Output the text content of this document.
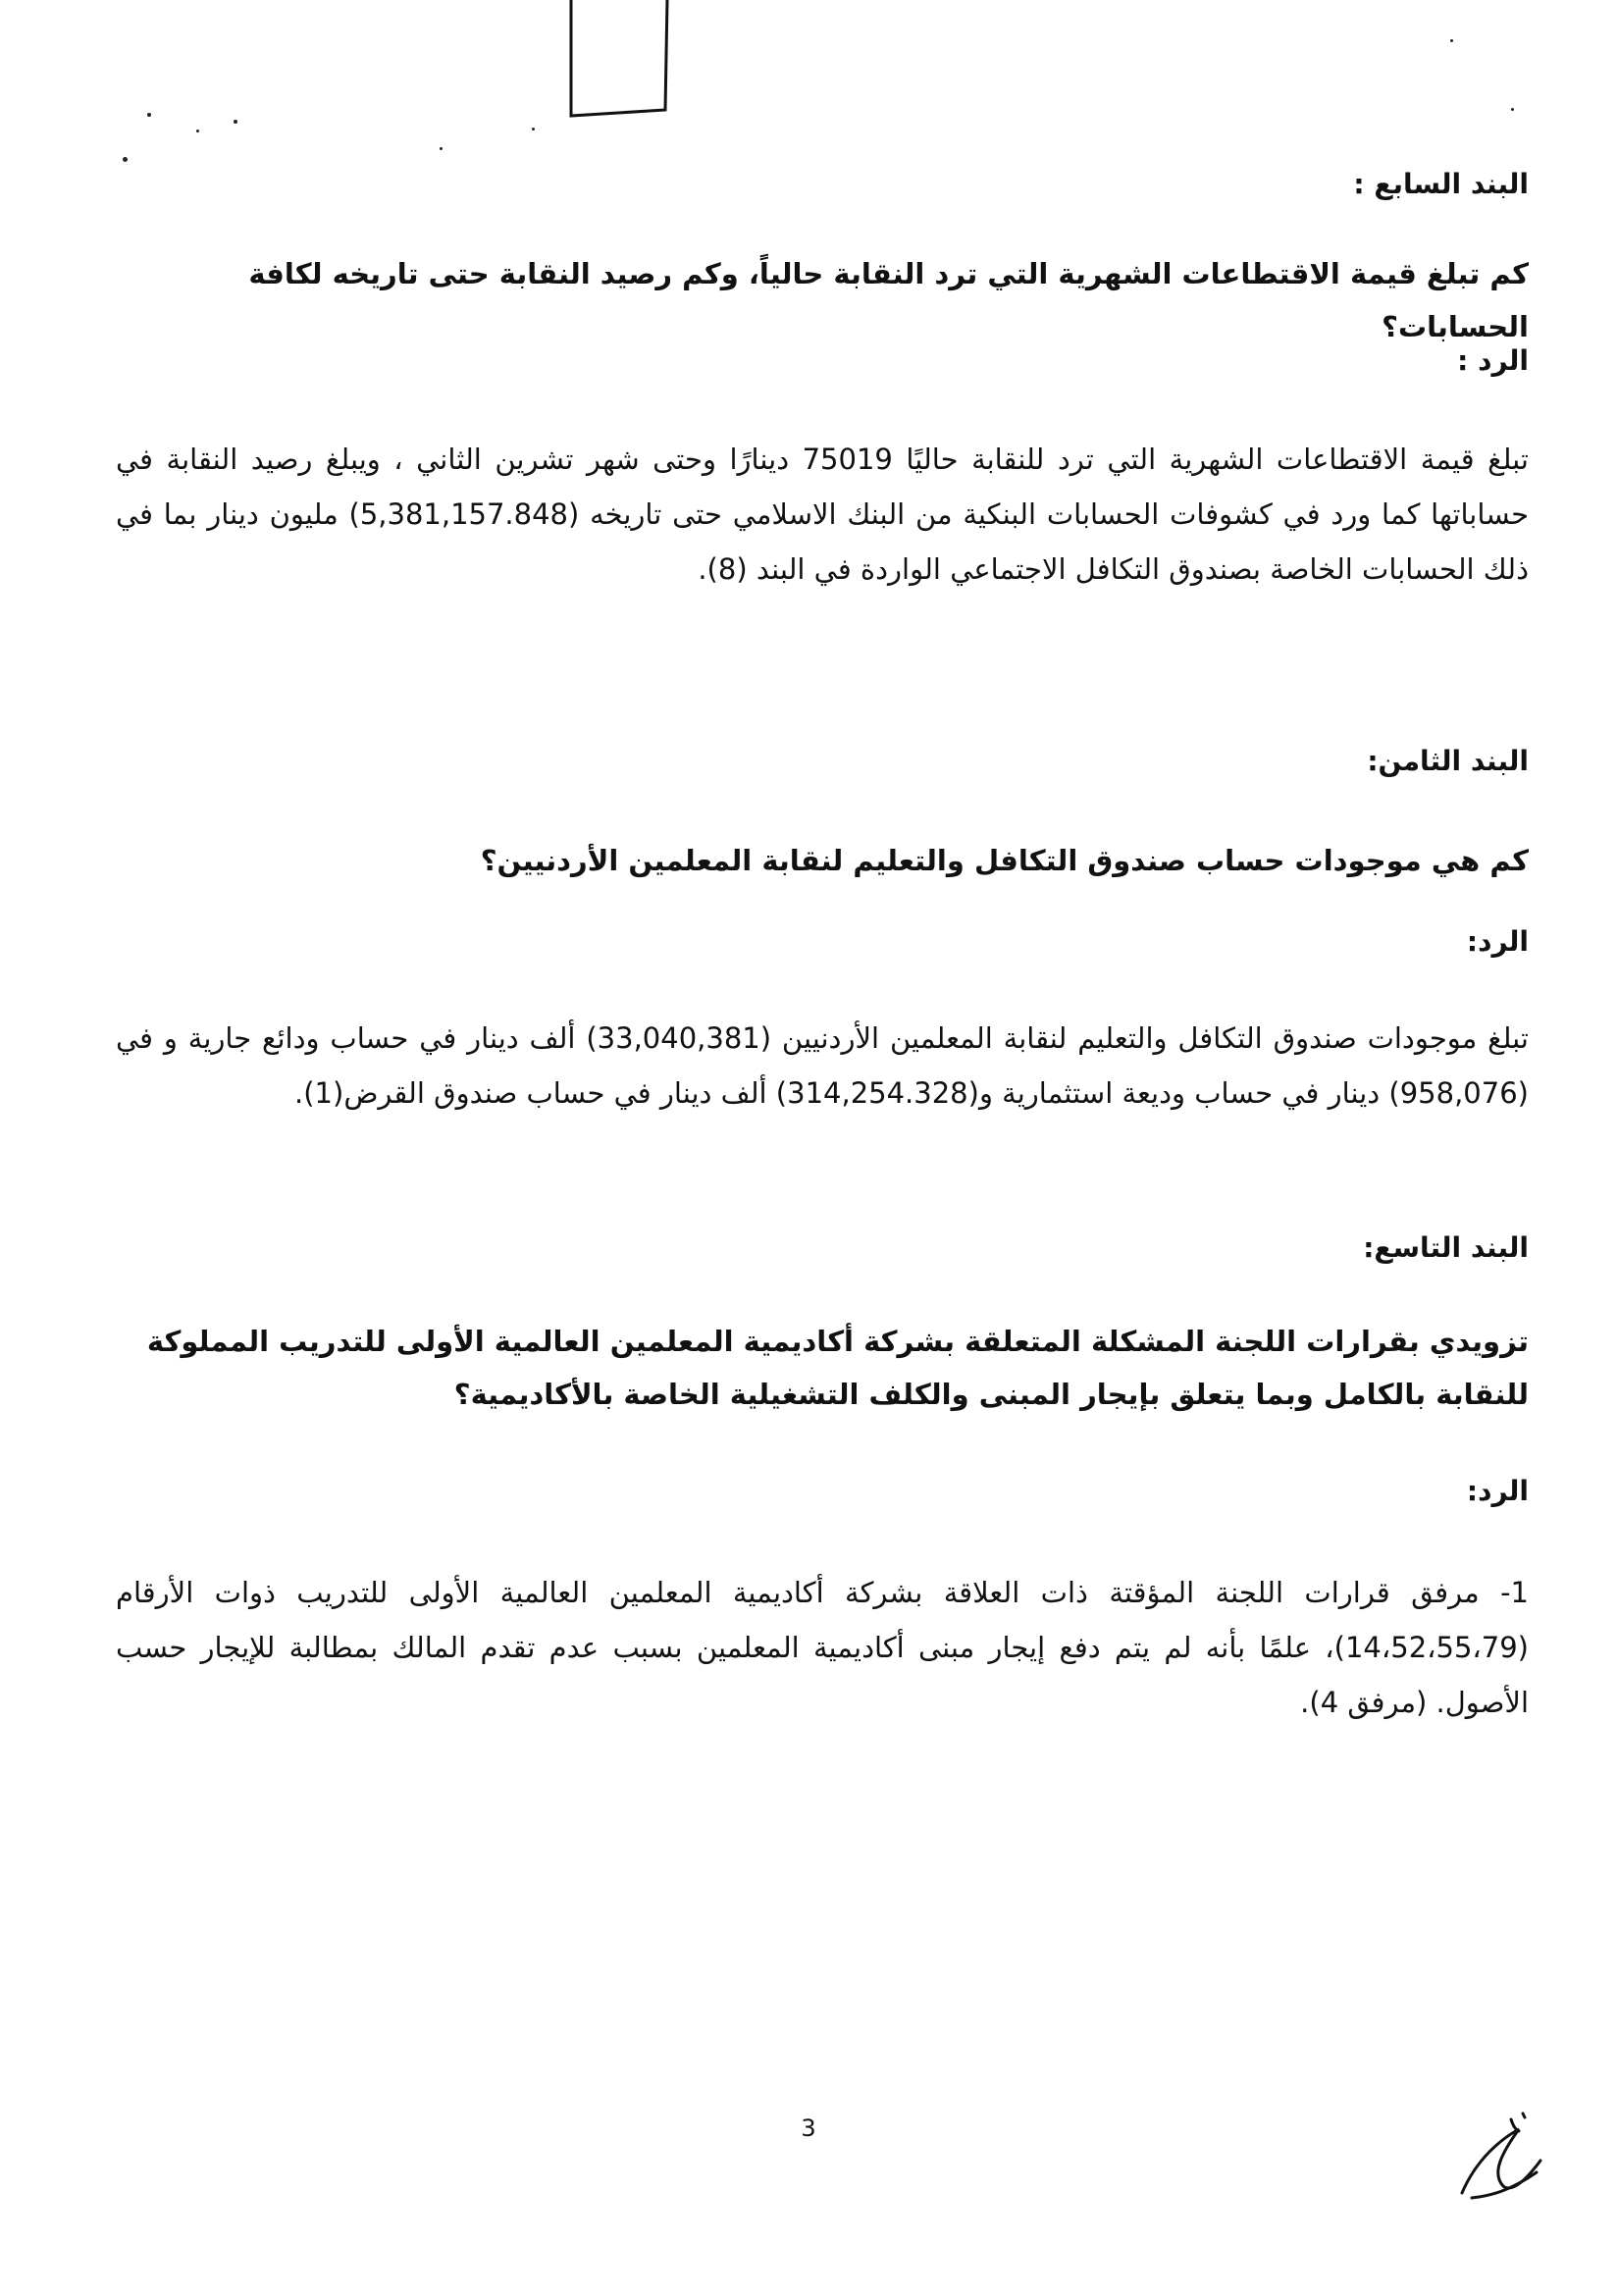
البند السابع :

كم تبلغ قيمة الاقتطاعات الشهرية التي ترد النقابة حالياً، وكم رصيد النقابة حتى تاريخه لكافة الحسابات؟

الرد :

تبلغ قيمة الاقتطاعات الشهرية التي ترد للنقابة حاليًا 75019 دينارًا وحتى شهر تشرين الثاني ، ويبلغ رصيد النقابة في حساباتها كما ورد في كشوفات الحسابات البنكية من البنك الاسلامي حتى تاريخه (5,381,157.848) مليون دينار بما في ذلك الحسابات الخاصة بصندوق التكافل الاجتماعي الواردة في البند (8).

البند الثامن:

كم هي موجودات حساب صندوق التكافل والتعليم لنقابة المعلمين الأردنيين؟

الرد:

تبلغ موجودات صندوق التكافل والتعليم لنقابة المعلمين الأردنيين (33,040,381) ألف دينار في حساب ودائع جارية و في (958,076) دينار في حساب وديعة استثمارية و(314,254.328) ألف دينار في حساب صندوق القرض(1).

البند التاسع:

تزويدي بقرارات اللجنة المشكلة المتعلقة بشركة أكاديمية المعلمين العالمية الأولى للتدريب المملوكة للنقابة بالكامل وبما يتعلق بإيجار المبنى والكلف التشغيلية الخاصة بالأكاديمية؟

الرد:

1- مرفق قرارات اللجنة المؤقتة ذات العلاقة بشركة أكاديمية المعلمين العالمية الأولى للتدريب ذوات الأرقام (14،52،55،79)، علمًا بأنه لم يتم دفع إيجار مبنى أكاديمية المعلمين بسبب عدم تقدم المالك بمطالبة للإيجار حسب الأصول. (مرفق 4).

3
